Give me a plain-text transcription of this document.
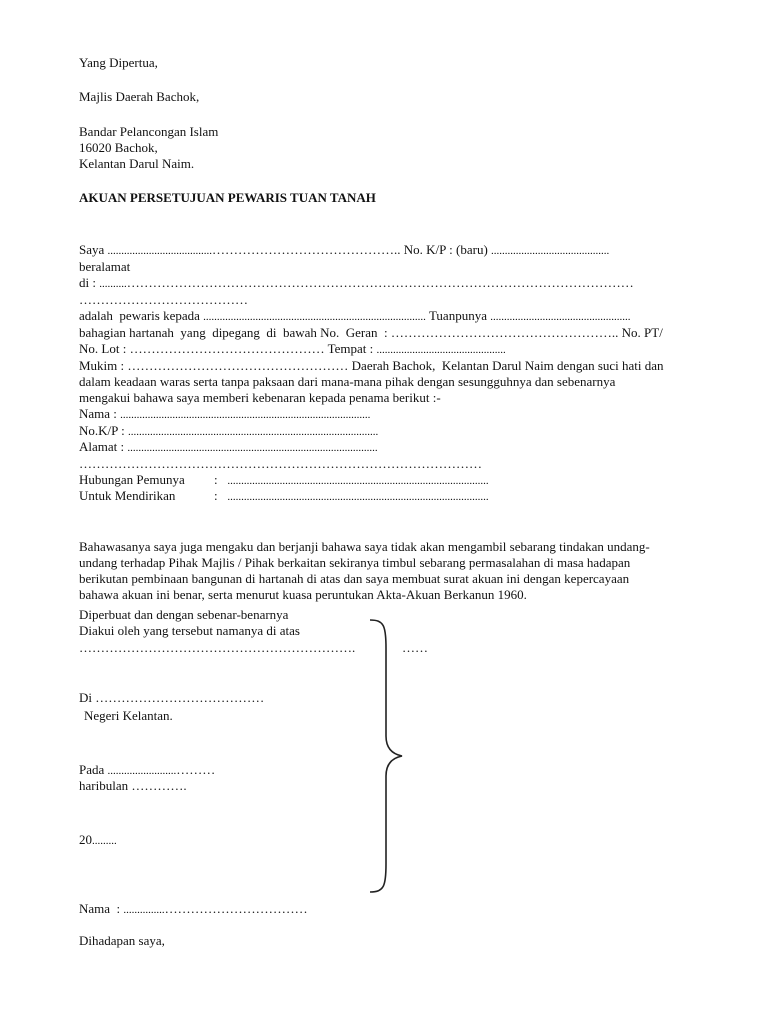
Yang Dipertua,

Majlis Daerah Bachok,

Bandar Pelancongan Islam

16020 Bachok,

Kelantan Darul Naim.

AKUAN PERSETUJUAN PEWARIS TUAN TANAH

Saya ......................................…………………………………….. No. K/P : (baru) ...........................................

beralamat

di : ..........………………………………………………………………………………………………………

…………………………………

adalah  pewaris kepada ................................................................................. Tuanpunya ...................................................

bahagian hartanah  yang  dipegang  di  bawah No.  Geran  : …………………………………………….. No. PT/

No. Lot : ……………………………………… Tempat : ...............................................

Mukim : …………………………………………… Daerah Bachok,  Kelantan Darul Naim dengan suci hati dan

dalam keadaan waras serta tanpa paksaan dari mana-mana pihak dengan sesungguhnya dan sebenarnya

mengakui bahawa saya memberi kebenaran kepada penama berikut :-

Nama : ...........................................................................................

No.K/P : ...........................................................................................

Alamat : ...........................................................................................

…………………………………………………………………………………

Hubungan Pemunya : ...............................................................................................

Untuk Mendirikan	: ...............................................................................................

Bahawasanya saya juga mengaku dan berjanji bahawa saya tidak akan mengambil sebarang tindakan undang-

undang terhadap Pihak Majlis / Pihak berkaitan sekiranya timbul sebarang permasalahan di masa hadapan

berikutan pembinaan bangunan di hartanah di atas dan saya membuat surat akuan ini dengan kepercayaan

bahawa akuan ini benar, serta menurut kuasa peruntukan Akta-Akuan Berkanun 1960.

Diperbuat dan dengan sebenar-benarnya

Diakui oleh yang tersebut namanya di atas

……………………………………………………….	……

Di …………………………………

Negeri Kelantan.

Pada .........................………

haribulan ………….

20.........

Nama  : ...............……………………………

Dihadapan saya,
